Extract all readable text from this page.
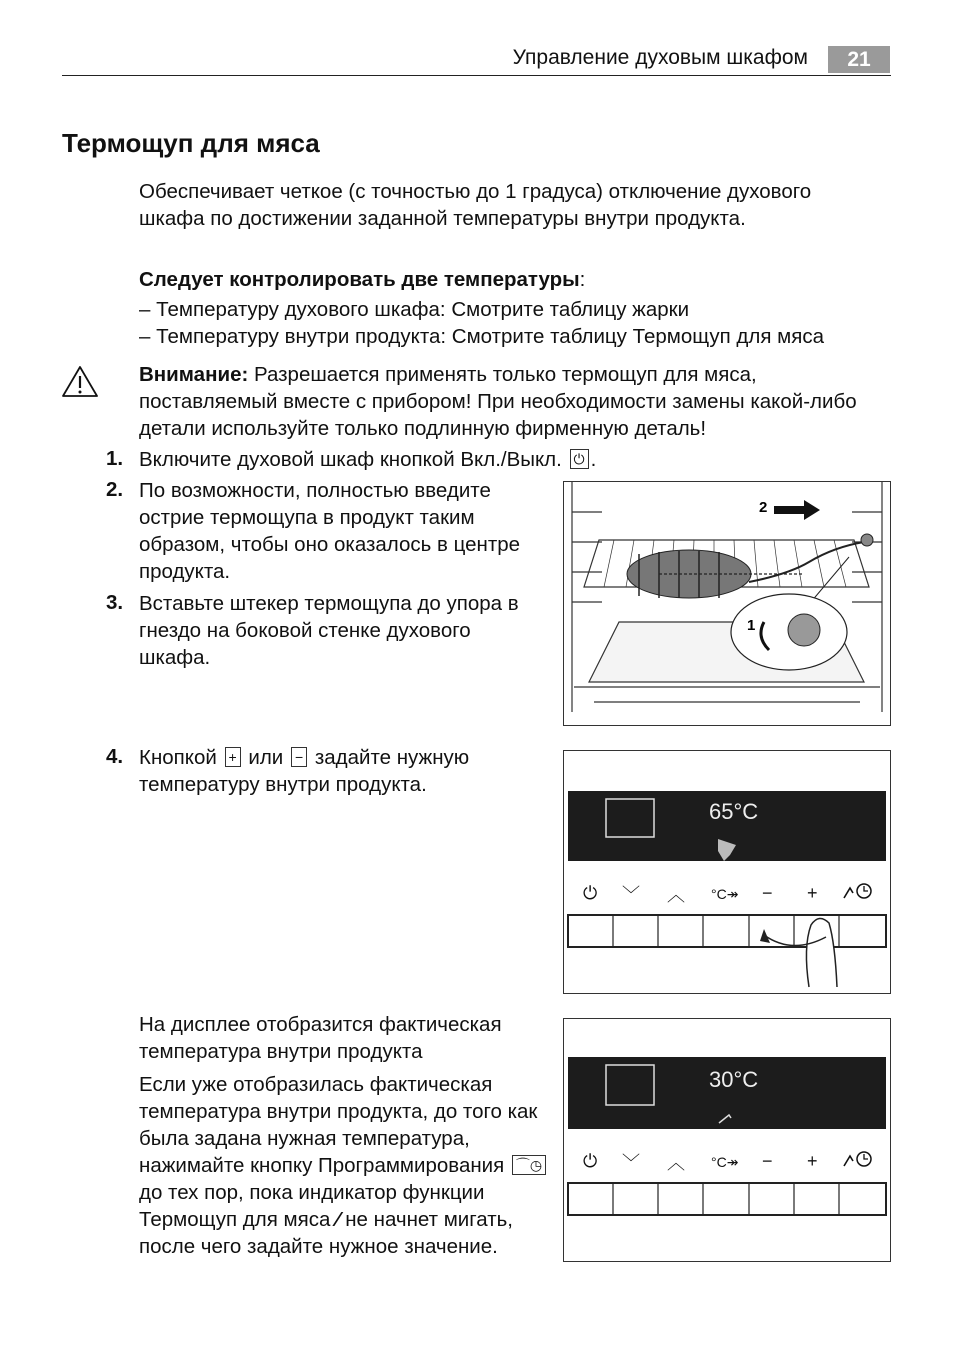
Управление духовым шкафом	21
Термощуп для мяса
Обеспечивает четкое (с точностью до 1 градуса) отключение духового шкафа по достижении заданной температуры внутри продукта.
Следует контролировать две температуры:
– Температуру духового шкафа: Смотрите таблицу жарки
– Температуру внутри продукта: Смотрите таблицу Термощуп для мяса
Внимание: Разрешается применять только термощуп для мяса, поставляемый вместе с прибором! При необходимости замены какой-либо детали используйте только подлинную фирменную деталь!
1. Включите духовой шкаф кнопкой Вкл./Выкл. ⏻ .
2. По возможности, полностью введите острие термощупа в продукт таким образом, чтобы оно оказалось в центре продукта.
3. Вставьте штекер термощупа до упора в гнездо на боковой стенке духового шкафа.
2
1
4. Кнопкой + или − задайте нужную температуру внутри продукта.
65°C
⏻ ﹀ ︿ °C↠ − +
На дисплее отобразится фактическая температура внутри продукта
Если уже отобразилась фактическая температура внутри продукта, до того как была задана нужная температура, нажимайте кнопку Программирования ⌒◷ до тех пор, пока индикатор функции Термощуп для мяса ⁄ не начнет мигать, после чего задайте нужное значение.
30°C
⏻ ﹀ ︿ °C↠ − +
